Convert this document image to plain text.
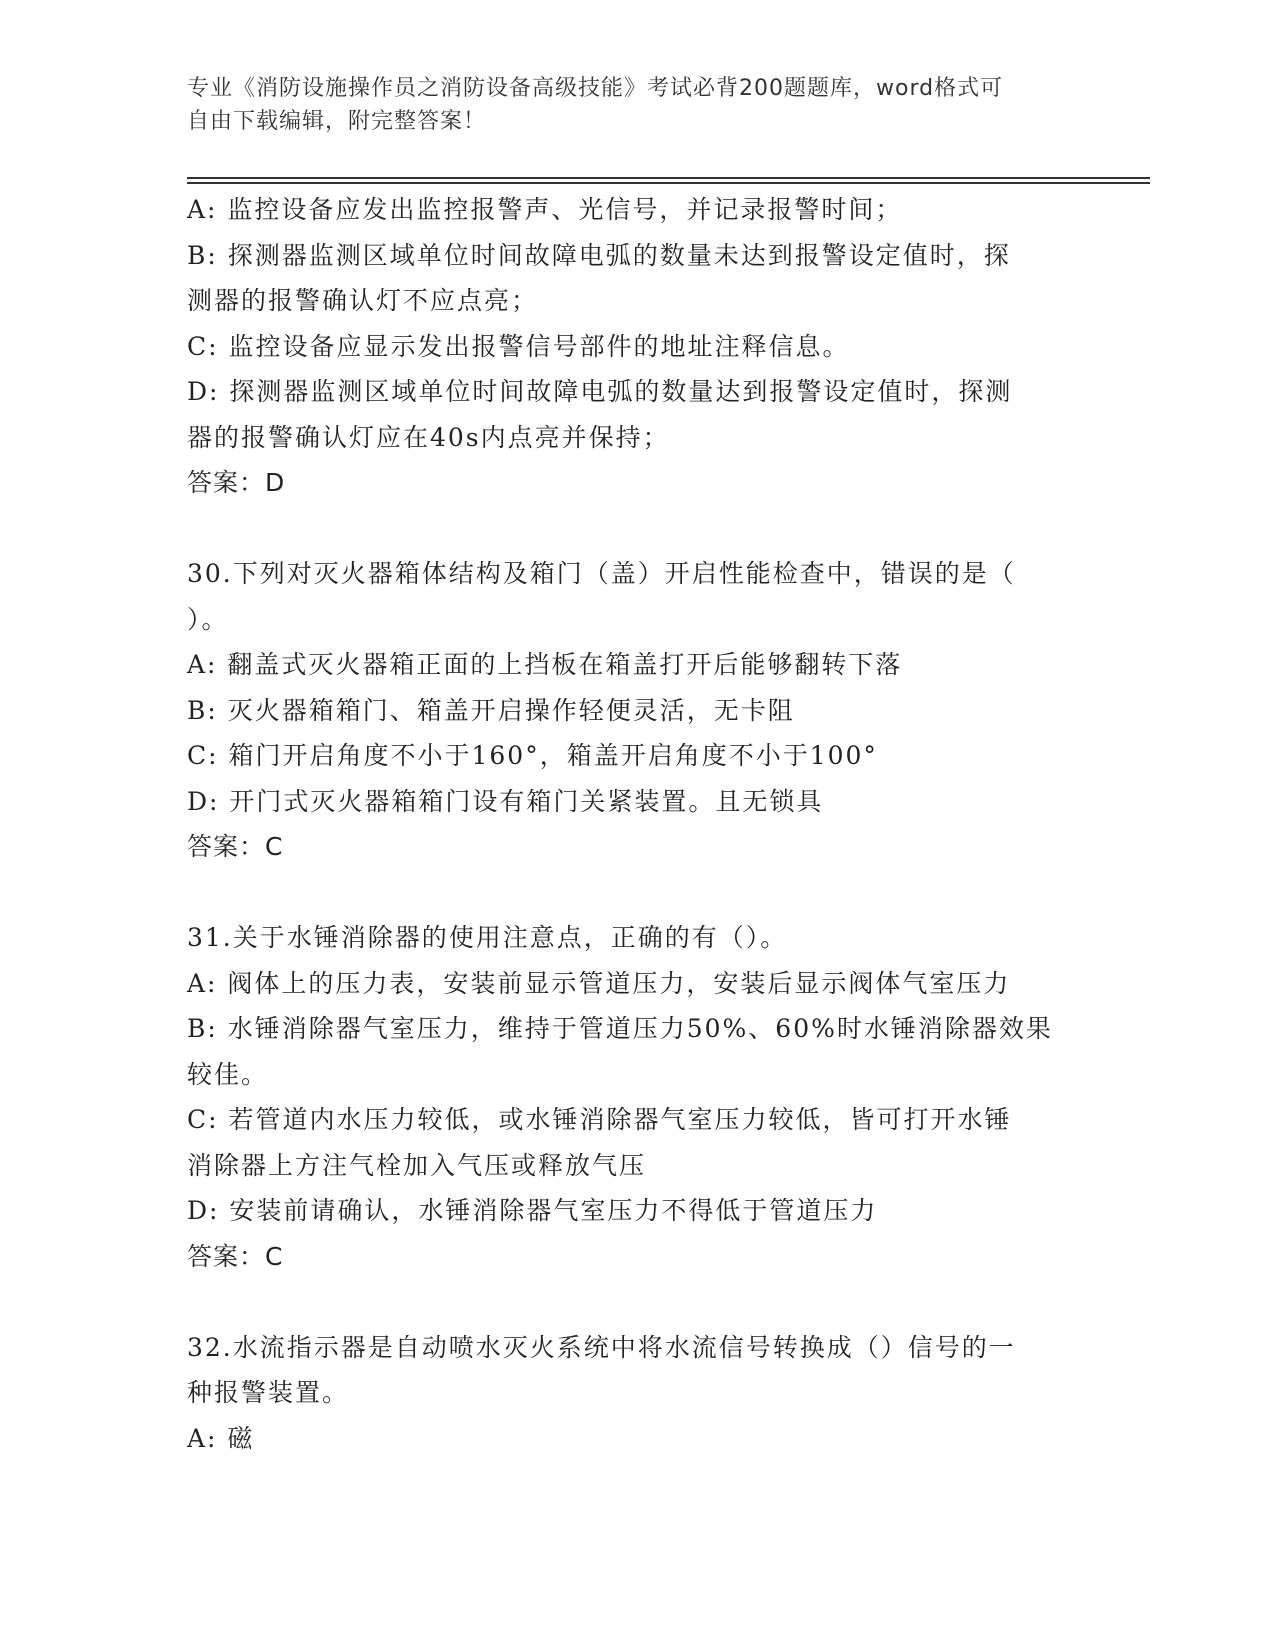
专业《消防设施操作员之消防设备高级技能》考试必背200题题库，word格式可
自由下载编辑，附完整答案！
A: 监控设备应发出监控报警声、光信号，并记录报警时间；
B: 探测器监测区域单位时间故障电弧的数量未达到报警设定值时，探
测器的报警确认灯不应点亮；
C: 监控设备应显示发出报警信号部件的地址注释信息。
D: 探测器监测区域单位时间故障电弧的数量达到报警设定值时，探测
器的报警确认灯应在40s内点亮并保持；
答案：D
30.下列对灭火器箱体结构及箱门（盖）开启性能检查中，错误的是（
）。
A: 翻盖式灭火器箱正面的上挡板在箱盖打开后能够翻转下落
B: 灭火器箱箱门、箱盖开启操作轻便灵活，无卡阻
C: 箱门开启角度不小于160°，箱盖开启角度不小于100°
D: 开门式灭火器箱箱门设有箱门关紧装置。且无锁具
答案：C
31.关于水锤消除器的使用注意点，正确的有（）。
A: 阀体上的压力表，安装前显示管道压力，安装后显示阀体气室压力
B: 水锤消除器气室压力，维持于管道压力50%、60%时水锤消除器效果
较佳。
C: 若管道内水压力较低，或水锤消除器气室压力较低，皆可打开水锤
消除器上方注气栓加入气压或释放气压
D: 安装前请确认，水锤消除器气室压力不得低于管道压力
答案：C
32.水流指示器是自动喷水灭火系统中将水流信号转换成（）信号的一
种报警装置。
A: 磁
